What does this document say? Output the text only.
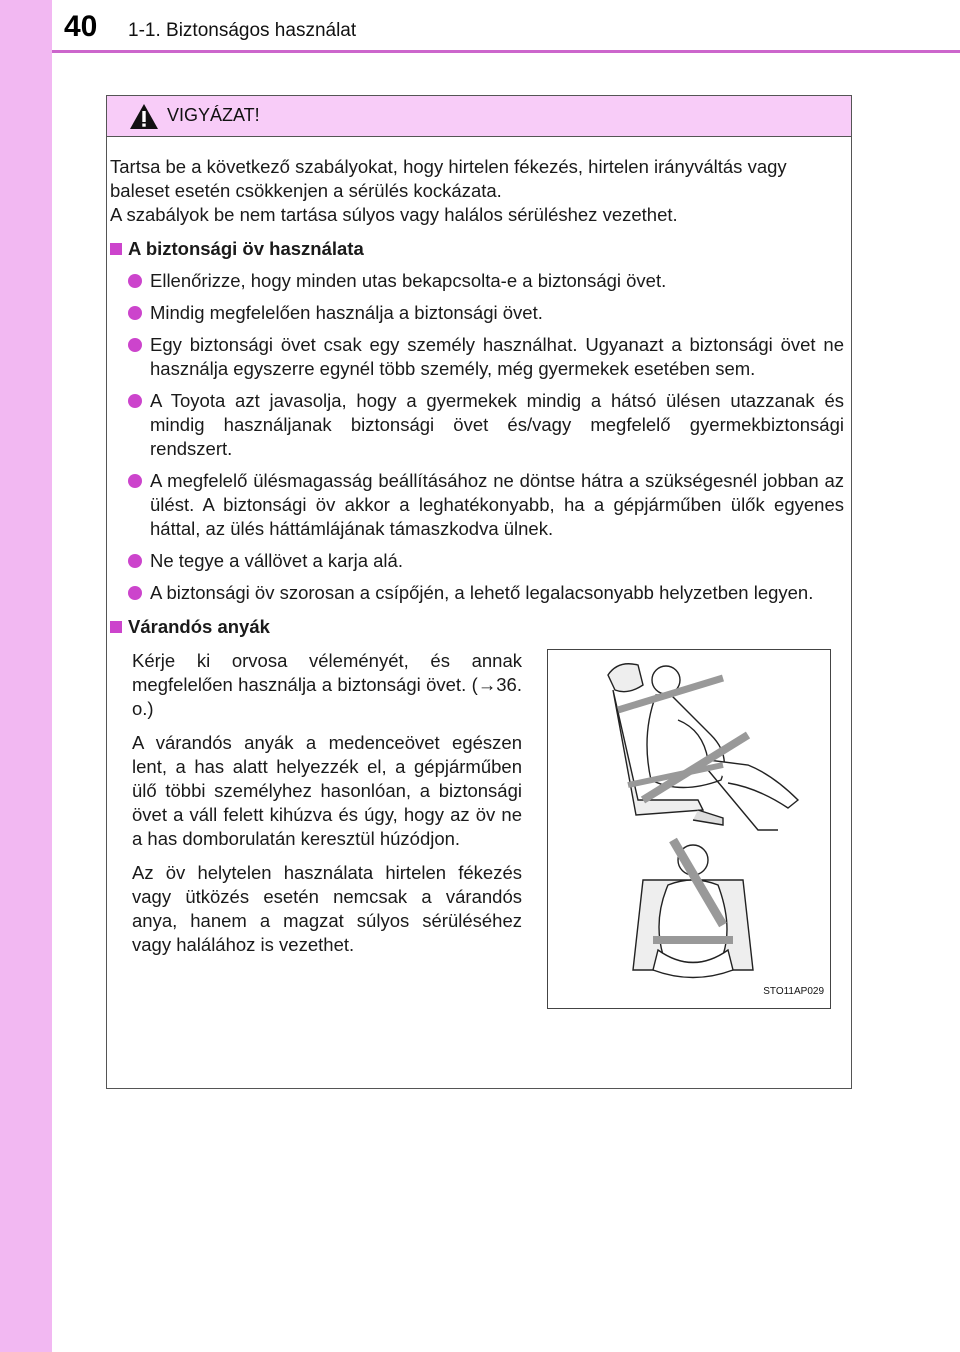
40 1-1. Biztonságos használat
VIGYÁZAT!

Tartsa be a következő szabályokat, hogy hirtelen fékezés, hirtelen irányváltás vagy baleset esetén csökkenjen a sérülés kockázata.

A szabályok be nem tartása súlyos vagy halálos sérüléshez vezethet.

A biztonsági öv használata
Ellenőrizze, hogy minden utas bekapcsolta-e a biztonsági övet.
Mindig megfelelően használja a biztonsági övet.
Egy biztonsági övet csak egy személy használhat. Ugyanazt a biztonsági övet ne használja egyszerre egynél több személy, még gyermekek esetében sem.
A Toyota azt javasolja, hogy a gyermekek mindig a hátsó ülésen utazzanak és mindig használjanak biztonsági övet és/vagy megfelelő gyermekbiztonsági rendszert.
A megfelelő ülésmagasság beállításához ne döntse hátra a szükségesnél jobban az ülést. A biztonsági öv akkor a leghatékonyabb, ha a gépjárműben ülők egyenes háttal, az ülés háttámlájának támaszkodva ülnek.
Ne tegye a vállövet a karja alá.
A biztonsági öv szorosan a csípőjén, a lehető legalacsonyabb helyzetben legyen.
Várandós anyák

Kérje ki orvosa véleményét, és annak megfelelően használja a biztonsági övet. (→36. o.)

A várandós anyák a medenceövet egészen lent, a has alatt helyezzék el, a gépjárműben ülő többi személyhez hasonlóan, a biztonsági övet a váll felett kihúzva és úgy, hogy az öv ne a has domborulatán keresztül húzódjon.

Az öv helytelen használata hirtelen fékezés vagy ütközés esetén nemcsak a várandós anya, hanem a magzat súlyos sérüléséhez vagy halálához is vezethet.

STO11AP029
